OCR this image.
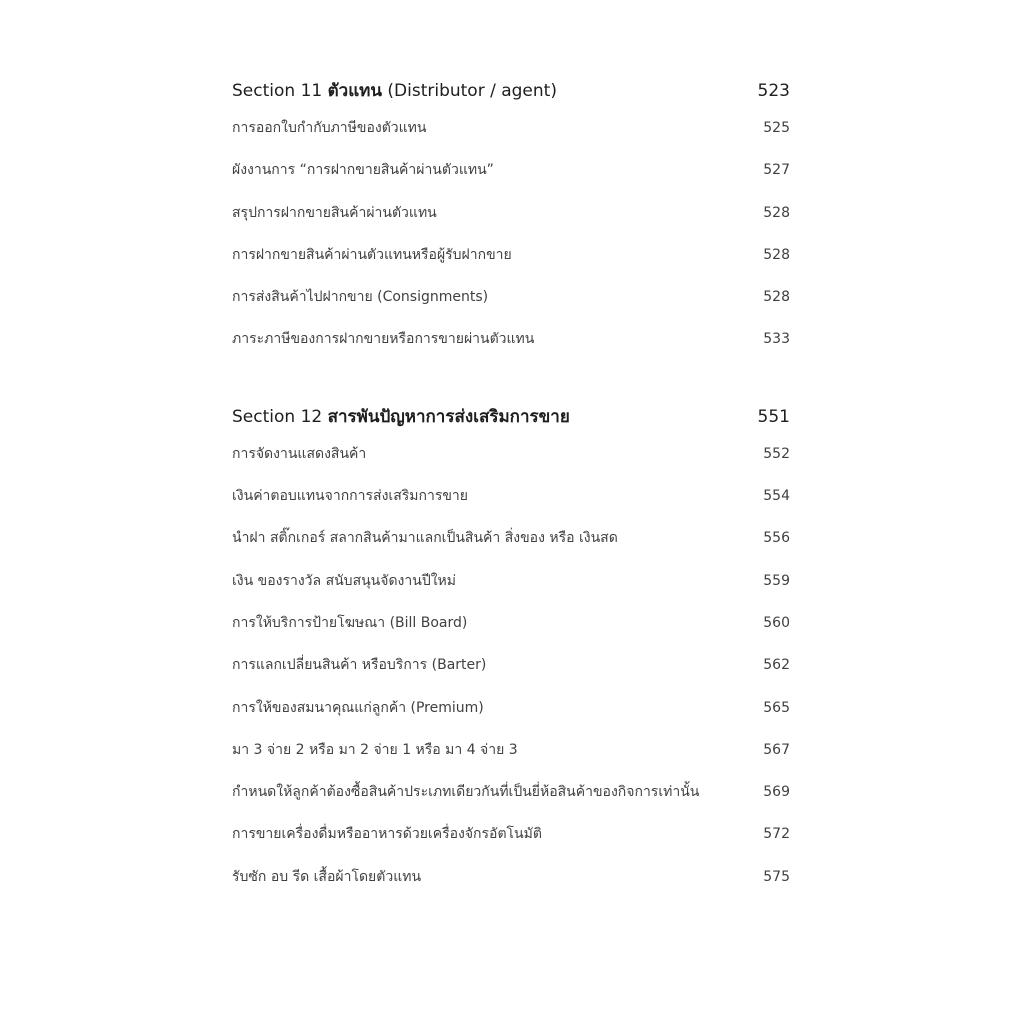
Section 11 ตัวแทน (Distributor / agent)	523
การออกใบกำกับภาษีของตัวแทน	525
ผังงานการ “การฝากขายสินค้าผ่านตัวแทน”	527
สรุปการฝากขายสินค้าผ่านตัวแทน	528
การฝากขายสินค้าผ่านตัวแทนหรือผู้รับฝากขาย	528
การส่งสินค้าไปฝากขาย (Consignments)	528
ภาระภาษีของการฝากขายหรือการขายผ่านตัวแทน	533
Section 12 สารพันปัญหาการส่งเสริมการขาย	551
การจัดงานแสดงสินค้า	552
เงินค่าตอบแทนจากการส่งเสริมการขาย	554
นำฝา สติ๊กเกอร์ สลากสินค้ามาแลกเป็นสินค้า สิ่งของ หรือ เงินสด	556
เงิน ของรางวัล สนับสนุนจัดงานปีใหม่	559
การให้บริการป้ายโฆษณา (Bill Board)	560
การแลกเปลี่ยนสินค้า หรือบริการ (Barter)	562
การให้ของสมนาคุณแก่ลูกค้า (Premium)	565
มา 3 จ่าย 2 หรือ มา 2 จ่าย 1 หรือ มา 4 จ่าย 3	567
กำหนดให้ลูกค้าต้องซื้อสินค้าประเภทเดียวกันที่เป็นยี่ห้อสินค้าของกิจการเท่านั้น	569
การขายเครื่องดื่มหรืออาหารด้วยเครื่องจักรอัตโนมัติ	572
รับซัก อบ รีด เสื้อผ้าโดยตัวแทน	575
